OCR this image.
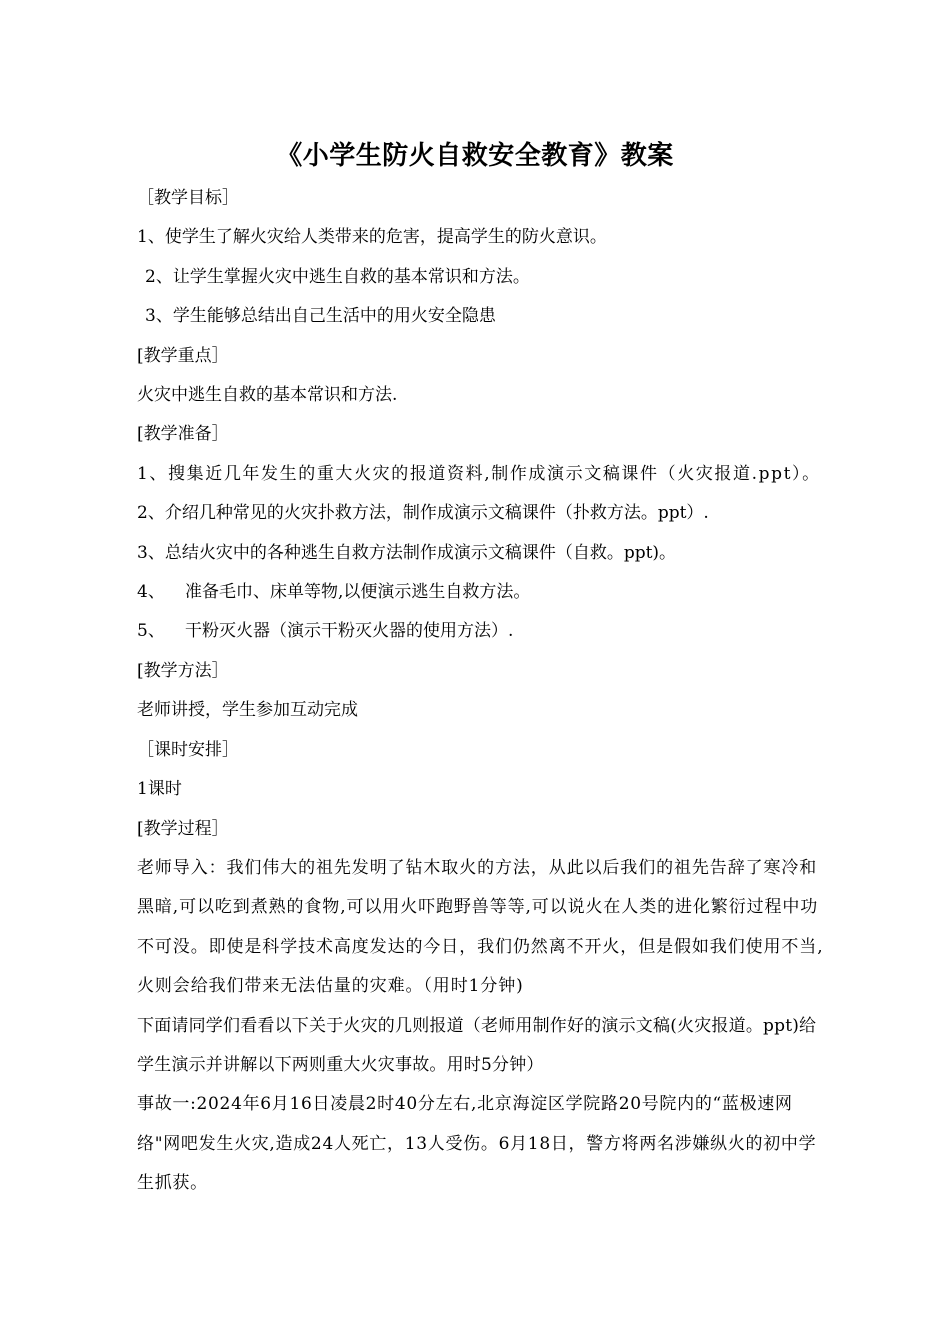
《小学生防火自救安全教育》教案

［教学目标］

1、使学生了解火灾给人类带来的危害，提高学生的防火意识。

2、让学生掌握火灾中逃生自救的基本常识和方法。

3、学生能够总结出自己生活中的用火安全隐患

[教学重点］

火灾中逃生自救的基本常识和方法.

[教学准备］

1、搜集近几年发生的重大火灾的报道资料,制作成演示文稿课件（火灾报道.ppt）。

2、介绍几种常见的火灾扑救方法，制作成演示文稿课件（扑救方法。ppt）.

3、总结火灾中的各种逃生自救方法制作成演示文稿课件（自救。ppt)。

4、 准备毛巾、床单等物,以便演示逃生自救方法。

5、 干粉灭火器（演示干粉灭火器的使用方法）.

[教学方法］

老师讲授，学生参加互动完成

［课时安排］

1课时

[教学过程］

老师导入：我们伟大的祖先发明了钻木取火的方法，从此以后我们的祖先告辞了寒冷和黑暗,可以吃到煮熟的食物,可以用火吓跑野兽等等,可以说火在人类的进化繁衍过程中功不可没。即使是科学技术高度发达的今日，我们仍然离不开火，但是假如我们使用不当,火则会给我们带来无法估量的灾难。（用时1分钟)

下面请同学们看看以下关于火灾的几则报道（老师用制作好的演示文稿(火灾报道。ppt)给学生演示并讲解以下两则重大火灾事故。用时5分钟）

事故一:2024年6月16日凌晨2时40分左右,北京海淀区学院路20号院内的“蓝极速网络"网吧发生火灾,造成24人死亡，13人受伤。6月18日，警方将两名涉嫌纵火的初中学生抓获。
